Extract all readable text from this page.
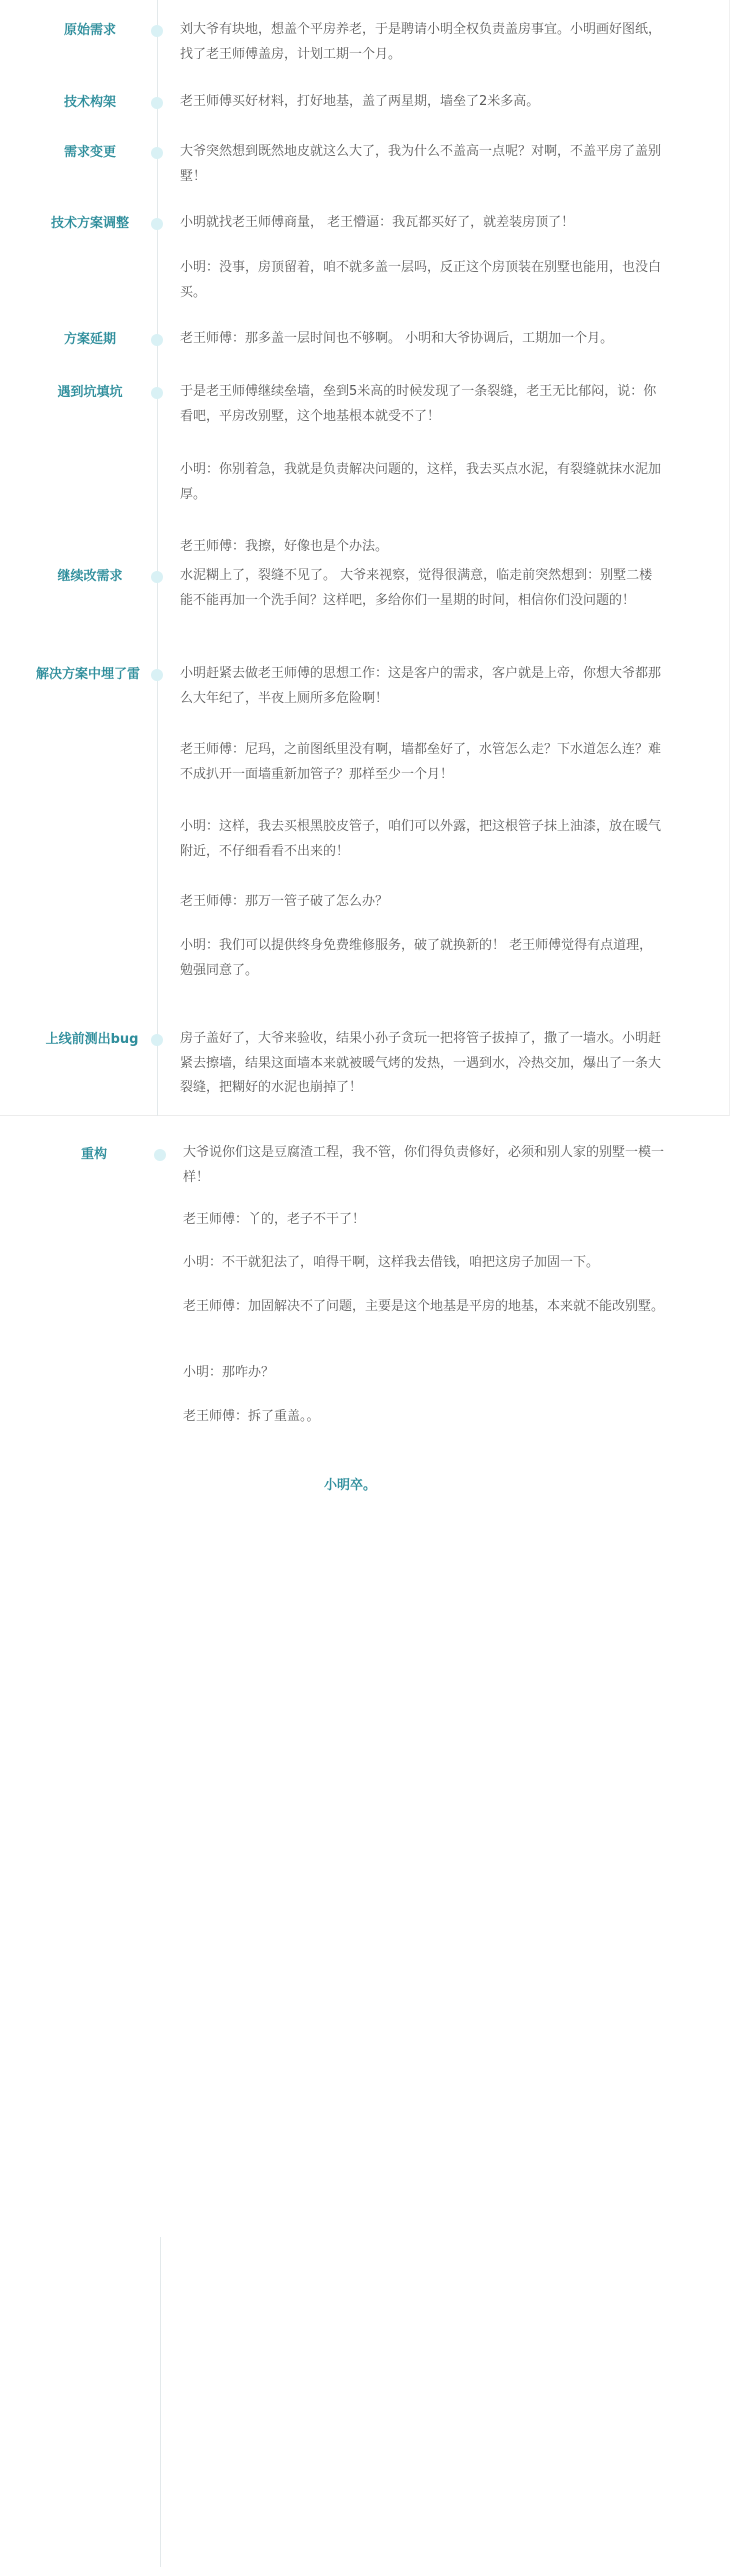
原始需求	刘大爷有块地，想盖个平房养老，于是聘请小明全权负责盖房事宜。小明画好图纸，找了老王师傅盖房，计划工期一个月。

技术构架	老王师傅买好材料，打好地基，盖了两星期，墙垒了2米多高。

需求变更	大爷突然想到既然地皮就这么大了，我为什么不盖高一点呢？对啊，不盖平房了盖别墅！

技术方案调整	小明就找老王师傅商量， 老王懵逼：我瓦都买好了，就差装房顶了！

小明：没事，房顶留着，咱不就多盖一层吗，反正这个房顶装在别墅也能用，也没白买。

方案延期	老王师傅：那多盖一层时间也不够啊。 小明和大爷协调后，工期加一个月。

遇到坑填坑	于是老王师傅继续垒墙，垒到5米高的时候发现了一条裂缝，老王无比郁闷，说：你看吧，平房改别墅，这个地基根本就受不了！

小明：你别着急，我就是负责解决问题的，这样，我去买点水泥，有裂缝就抹水泥加厚。

老王师傅：我擦，好像也是个办法。

继续改需求	水泥糊上了，裂缝不见了。 大爷来视察，觉得很满意，临走前突然想到：别墅二楼能不能再加一个洗手间？这样吧，多给你们一星期的时间，相信你们没问题的！

解决方案中埋了雷	小明赶紧去做老王师傅的思想工作：这是客户的需求，客户就是上帝，你想大爷都那么大年纪了，半夜上厕所多危险啊！

老王师傅：尼玛，之前图纸里没有啊，墙都垒好了，水管怎么走？下水道怎么连？难不成扒开一面墙重新加管子？那样至少一个月！

小明：这样，我去买根黑胶皮管子，咱们可以外露，把这根管子抹上油漆，放在暖气附近，不仔细看看不出来的！

老王师傅：那万一管子破了怎么办？

小明：我们可以提供终身免费维修服务，破了就换新的！ 老王师傅觉得有点道理，勉强同意了。

上线前测出bug	房子盖好了，大爷来验收，结果小孙子贪玩一把将管子拔掉了，撒了一墙水。小明赶紧去擦墙，结果这面墙本来就被暖气烤的发热，一遇到水，冷热交加，爆出了一条大裂缝，把糊好的水泥也崩掉了！

重构	大爷说你们这是豆腐渣工程，我不管，你们得负责修好，必须和别人家的别墅一模一样！

老王师傅：丫的，老子不干了！

小明：不干就犯法了，咱得干啊，这样我去借钱，咱把这房子加固一下。

老王师傅：加固解决不了问题，主要是这个地基是平房的地基，本来就不能改别墅。

小明：那咋办？

老王师傅：拆了重盖。。

小明卒。
